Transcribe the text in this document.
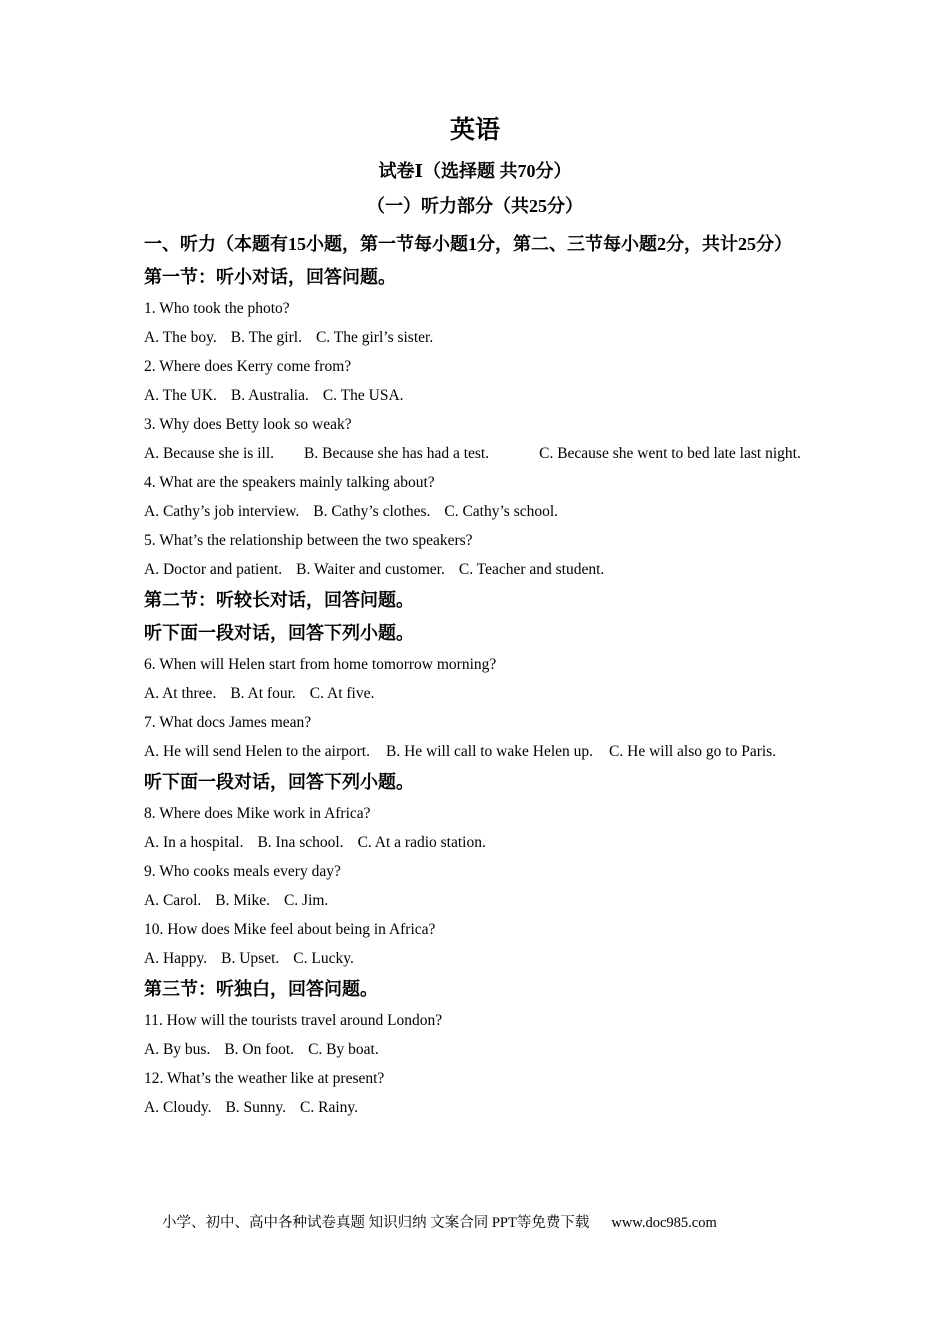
英语
试卷Ⅰ（选择题 共70分）
（一）听力部分（共25分）

一、听力（本题有15小题，第一节每小题1分，第二、三节每小题2分，共计25分）

第一节：听小对话，回答问题。

1. Who took the photo?

A. The boy. B. The girl. C. The girl’s sister.

2. Where does Kerry come from?

A. The UK. B. Australia. C. The USA.

3. Why does Betty look so weak?

A. Because she is ill. B. Because she has had a test.	C. Because she went to bed late last night.

4. What are the speakers mainly talking about?

A. Cathy’s job interview. B. Cathy’s clothes. C. Cathy’s school.

5. What’s the relationship between the two speakers?

A. Doctor and patient. B. Waiter and customer. C. Teacher and student.

第二节：听较长对话，回答问题。

听下面一段对话，回答下列小题。

6. When will Helen start from home tomorrow morning?

A. At three. B. At four. C. At five.

7. What docs James mean?

A. He will send Helen to the airport. B. He will call to wake Helen up. C. He will also go to Paris.

听下面一段对话，回答下列小题。

8. Where does Mike work in Africa?

A. In a hospital. B. Ina school. C. At a radio station.

9. Who cooks meals every day?

A. Carol. B. Mike. C. Jim.

10. How does Mike feel about being in Africa?

A. Happy. B. Upset. C. Lucky.

第三节：听独白，回答问题。

11. How will the tourists travel around London?

A. By bus. B. On foot. C. By boat.

12. What’s the weather like at present?

A. Cloudy. B. Sunny. C. Rainy.

小学、初中、高中各种试卷真题 知识归纳 文案合同 PPT等免费下载 www.doc985.com
